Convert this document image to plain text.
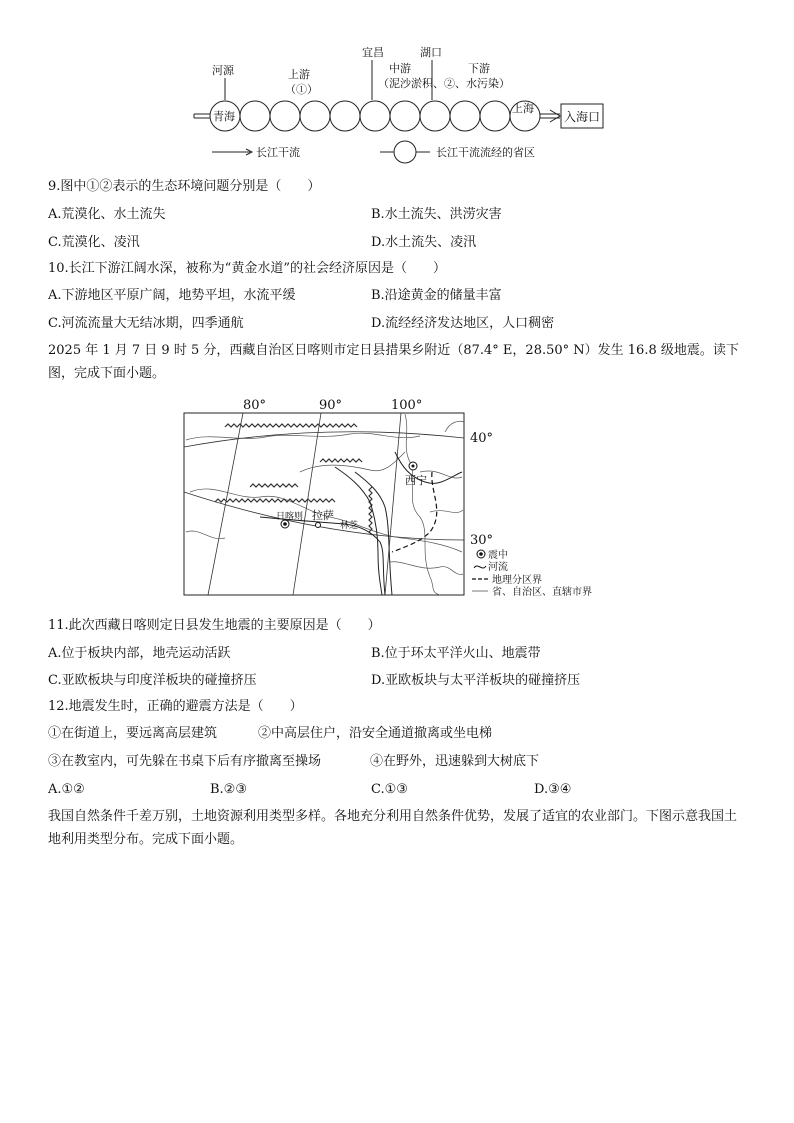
河源	上游
（①）
宜昌
中游
湖口
下游
（泥沙淤积、②、水污染）
青海
上海
入海口
长江干流	长江干流流经的省区
9.图中①②表示的生态环境问题分别是（　　）
A.荒漠化、水土流失	B.水土流失、洪涝灾害
C.荒漠化、凌汛	D.水土流失、凌汛
10.长江下游江阔水深，被称为“黄金水道”的社会经济原因是（　　）
A.下游地区平原广阔，地势平坦，水流平缓	B.沿途黄金的储量丰富
C.河流流量大无结冰期，四季通航	D.流经经济发达地区，人口稠密
2025 年 1 月 7 日 9 时 5 分，西藏自治区日喀则市定日县措果乡附近（87.4° E，28.50° N）发生 16.8 级地震。读下图，完成下面小题。
80°	90°	100°
西宁
日喀则 拉萨
林芝
40°
30°
震中
河流
地理分区界
省、自治区、直辖市界
11.此次西藏日喀则定日县发生地震的主要原因是（　　）
A.位于板块内部，地壳运动活跃	B.位于环太平洋火山、地震带
C.亚欧板块与印度洋板块的碰撞挤压	D.亚欧板块与太平洋板块的碰撞挤压
12.地震发生时，正确的避震方法是（　　）
①在街道上，要远离高层建筑	②中高层住户，沿安全通道撤离或坐电梯
③在教室内，可先躲在书桌下后有序撤离至操场	④在野外，迅速躲到大树底下
A.①②	B.②③	C.①③	D.③④
我国自然条件千差万别，土地资源利用类型多样。各地充分利用自然条件优势，发展了适宜的农业部门。下图示意我国土地利用类型分布。完成下面小题。
